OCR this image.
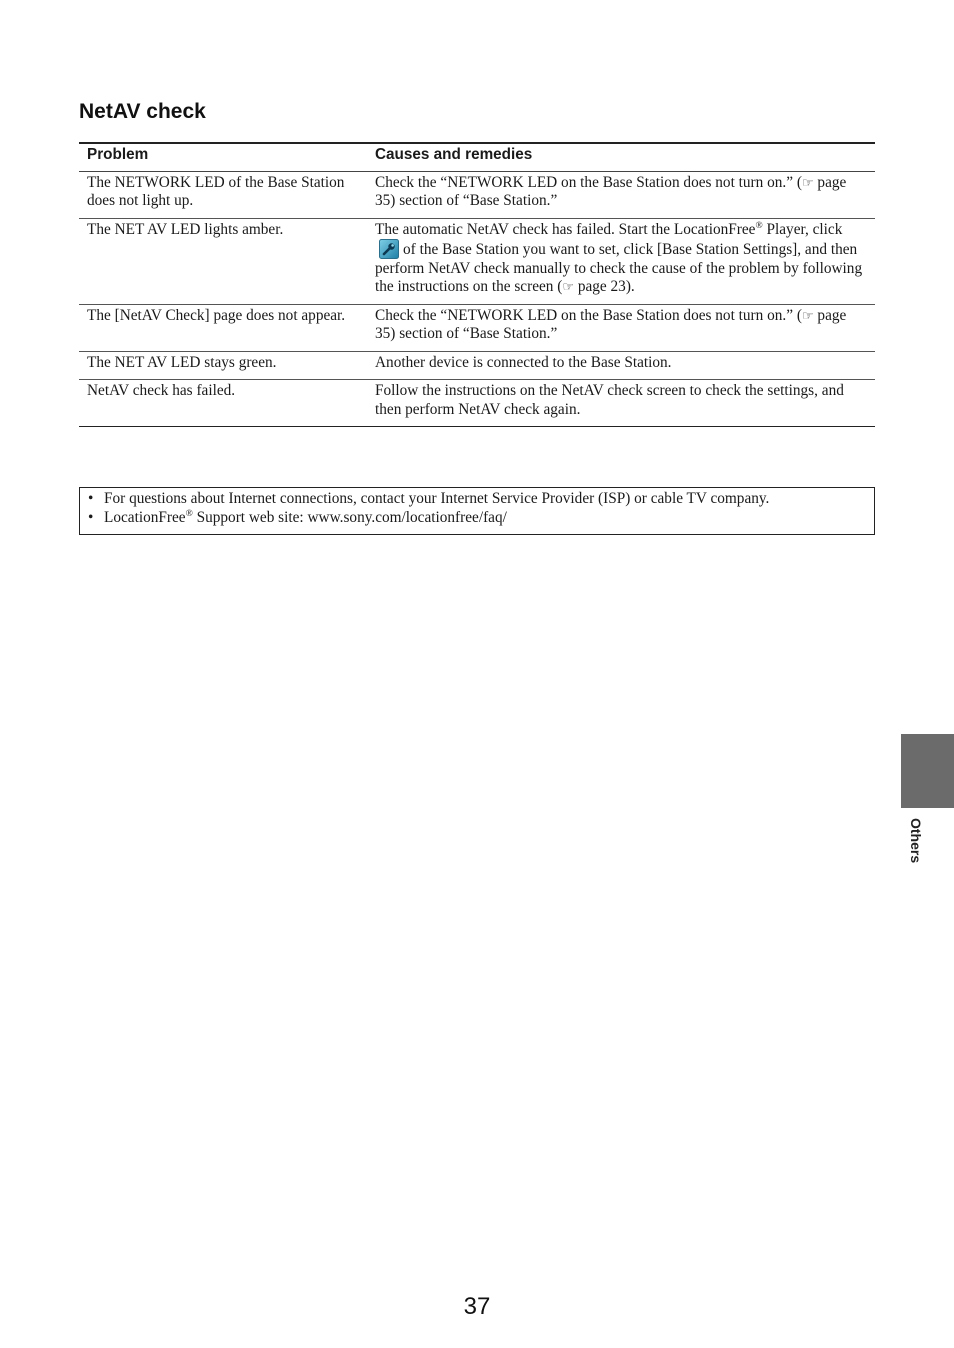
NetAV check
Problem	Causes and remedies
The NETWORK LED of the Base Station does not light up.	Check the “NETWORK LED on the Base Station does not turn on.” (☞ page 35) section of “Base Station.”
The NET AV LED lights amber.	The automatic NetAV check has failed. Start the LocationFree® Player, clickof the Base Station you want to set, click [Base Station Settings], and then perform NetAV check manually to check the cause of the problem by following the instructions on the screen (☞ page 23).
The [NetAV Check] page does not appear.	Check the “NETWORK LED on the Base Station does not turn on.” (☞ page 35) section of “Base Station.”
The NET AV LED stays green.	Another device is connected to the Base Station.
NetAV check has failed.	Follow the instructions on the NetAV check screen to check the settings, and then perform NetAV check again.
• For questions about Internet connections, contact your Internet Service Provider (ISP) or cable TV company.
• LocationFree® Support web site: www.sony.com/locationfree/faq/
Others
37
